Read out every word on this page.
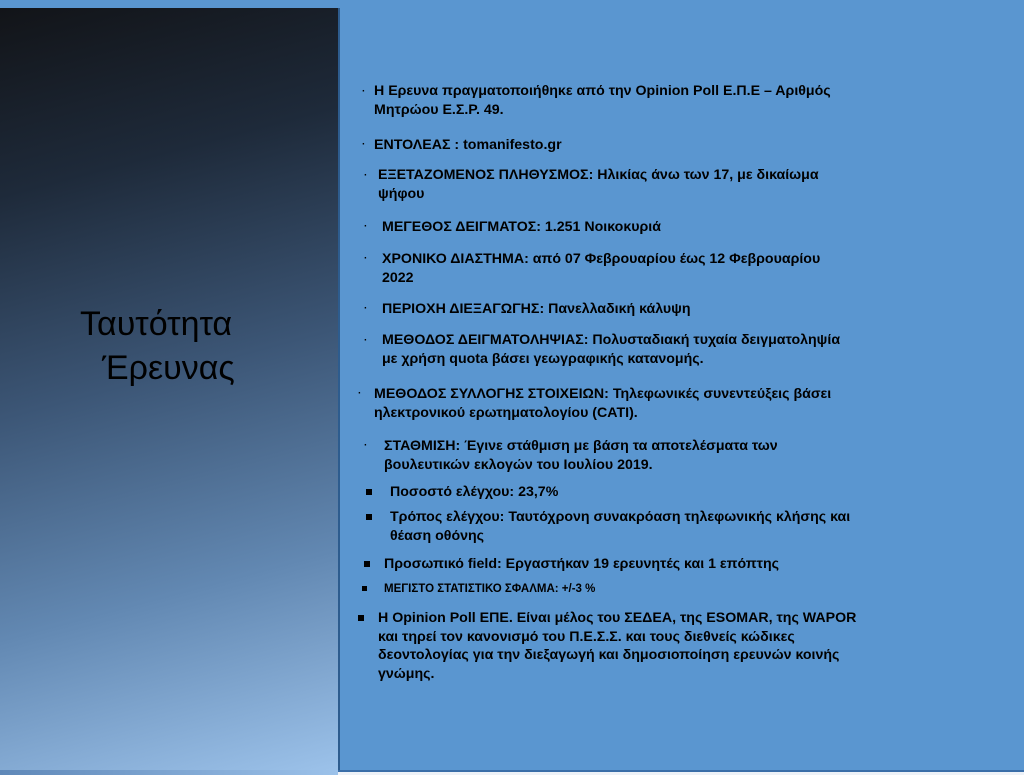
Ταυτότητα
Έρευνας
· Η Ερευνα πραγματοποιήθηκε από την Opinion Poll Ε.Π.Ε – Αριθμός
Μητρώου Ε.Σ.Ρ. 49.
· ΕΝΤΟΛΕΑΣ : tomanifesto.gr
· ΕΞΕΤΑΖΟΜΕΝΟΣ ΠΛΗΘΥΣΜΟΣ: Ηλικίας άνω των 17, με δικαίωμα
ψήφου
· ΜΕΓΕΘΟΣ ΔΕΙΓΜΑΤΟΣ: 1.251 Νοικοκυριά
· ΧΡΟΝΙΚΟ ΔΙΑΣΤΗΜΑ: από 07 Φεβρουαρίου έως 12 Φεβρουαρίου
2022
· ΠΕΡΙΟΧΗ ΔΙΕΞΑΓΩΓΗΣ: Πανελλαδική κάλυψη
· ΜΕΘΟΔΟΣ ΔΕΙΓΜΑΤΟΛΗΨΙΑΣ: Πολυσταδιακή τυχαία δειγματοληψία
με χρήση quota βάσει γεωγραφικής κατανομής.
· ΜΕΘΟΔΟΣ ΣΥΛΛΟΓΗΣ ΣΤΟΙΧΕΙΩΝ: Τηλεφωνικές συνεντεύξεις βάσει
ηλεκτρονικού ερωτηματολογίου (CATI).
· ΣΤΑΘΜΙΣΗ: Έγινε στάθμιση με βάση τα αποτελέσματα των
βουλευτικών εκλογών του Ιουλίου 2019.
Ποσοστό ελέγχου: 23,7%
Τρόπος ελέγχου: Ταυτόχρονη συνακρόαση τηλεφωνικής κλήσης και
θέαση οθόνης
Προσωπικό field: Εργαστήκαν 19 ερευνητές και 1 επόπτης
ΜΕΓΙΣΤΟ ΣΤΑΤΙΣΤΙΚΟ ΣΦΑΛΜΑ: +/-3 %
Η Opinion Poll ΕΠΕ. Είναι μέλος του ΣΕΔΕΑ, της ESOMAR, της WAPOR
και τηρεί τον κανονισμό του Π.Ε.Σ.Σ. και τους διεθνείς κώδικες
δεοντολογίας για την διεξαγωγή και δημοσιοποίηση ερευνών κοινής
γνώμης.
